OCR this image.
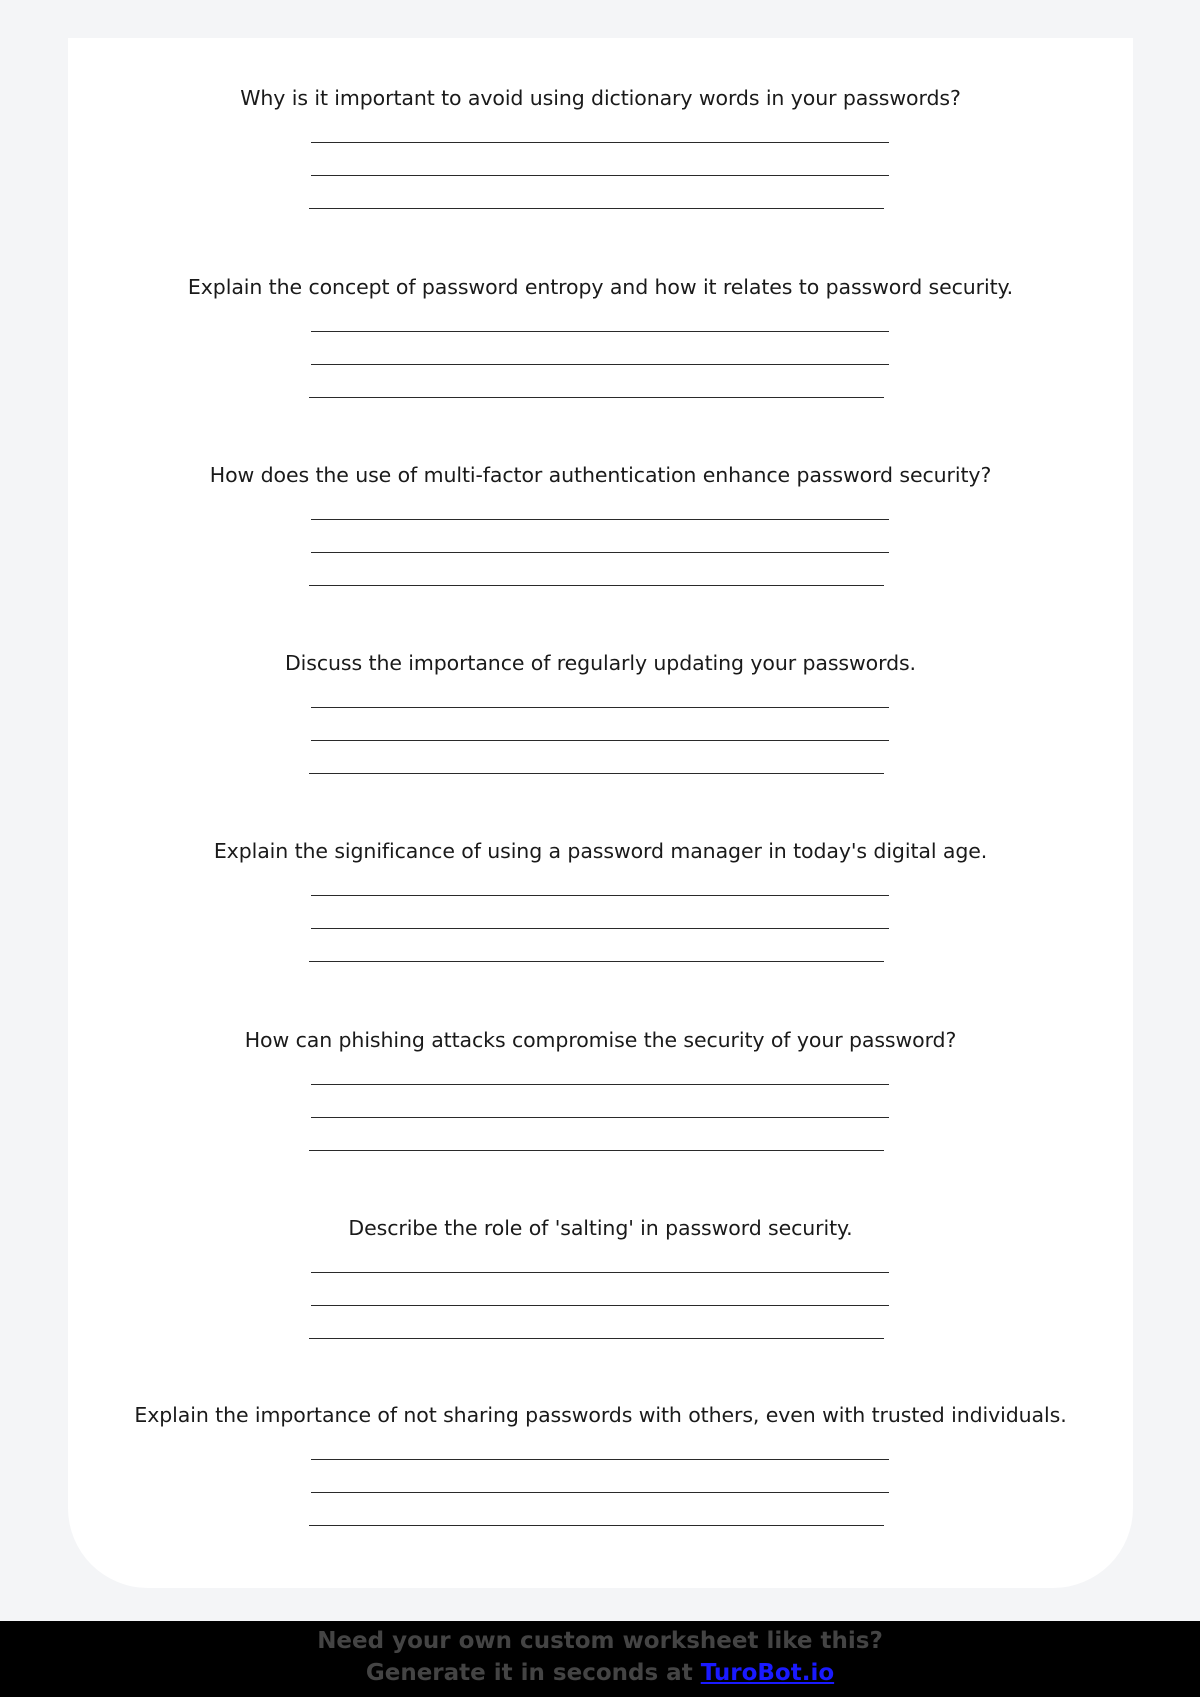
Why is it important to avoid using dictionary words in your passwords?
Explain the concept of password entropy and how it relates to password security.
How does the use of multi-factor authentication enhance password security?
Discuss the importance of regularly updating your passwords.
Explain the significance of using a password manager in today's digital age.
How can phishing attacks compromise the security of your password?
Describe the role of 'salting' in password security.
Explain the importance of not sharing passwords with others, even with trusted individuals.
Need your own custom worksheet like this?
Generate it in seconds at TuroBot.io
